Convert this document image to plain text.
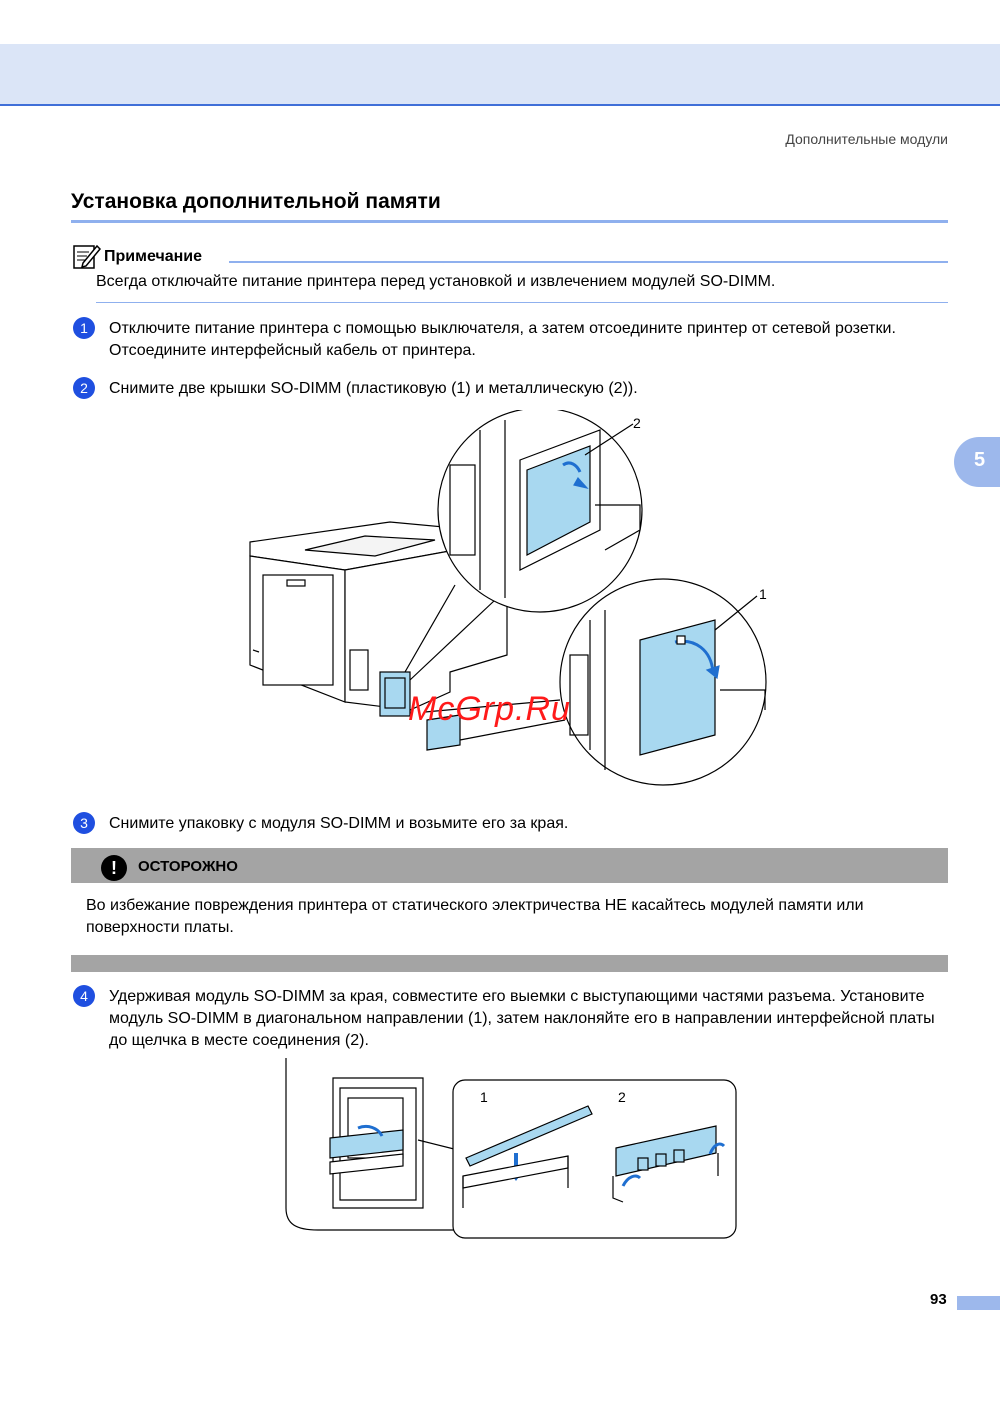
Дополнительные модули
5
Установка дополнительной памяти
Примечание
Всегда отключайте питание принтера перед установкой и извлечением модулей SO-DIMM.
1	Отключите питание принтера с помощью выключателя, а затем отсоедините принтер от сетевой розетки. Отсоедините интерфейсный кабель от принтера.
2	Снимите две крышки SO-DIMM (пластиковую (1) и металлическую (2)).
2
1
McGrp.Ru
3	Снимите упаковку с модуля SO-DIMM и возьмите его за края.
!	ОСТОРОЖНО
Во избежание повреждения принтера от статического электричества НЕ касайтесь модулей памяти или поверхности платы.
4	Удерживая модуль SO-DIMM за края, совместите его выемки с выступающими частями разъема. Установите модуль SO-DIMM в диагональном направлении (1), затем наклоняйте его в направлении интерфейсной платы до щелчка в месте соединения (2).
1	2
93
